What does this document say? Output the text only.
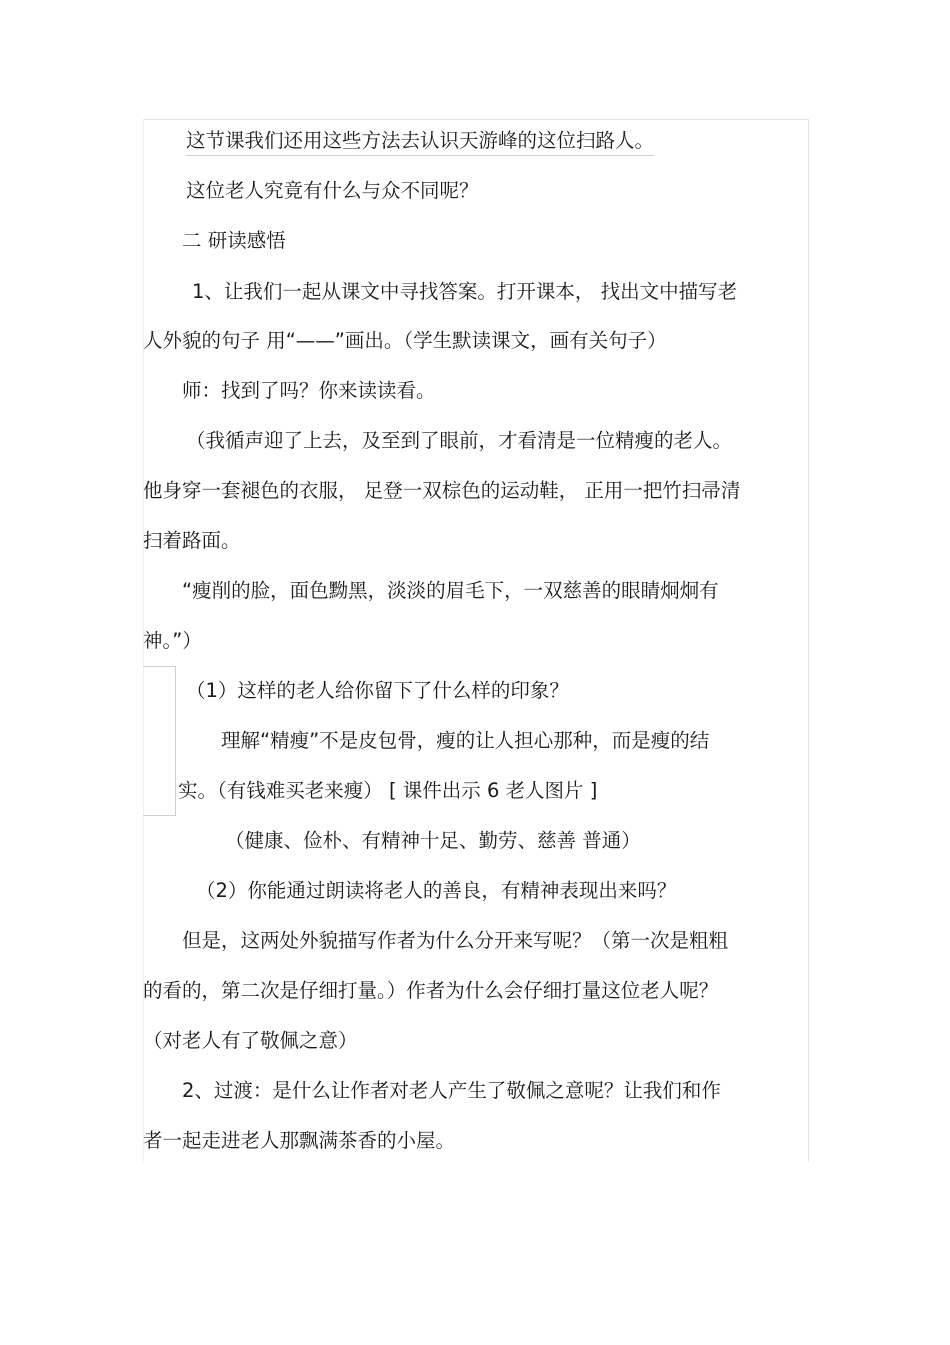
这节课我们还用这些方法去认识天游峰的这位扫路人。

这位老人究竟有什么与众不同呢？

二 研读感悟

1、让我们一起从课文中寻找答案。打开课本， 找出文中描写老

人外貌的句子 用“——”画出。（学生默读课文，画有关句子）

师：找到了吗？你来读读看。

（我循声迎了上去，及至到了眼前，才看清是一位精瘦的老人。

他身穿一套褪色的衣服， 足登一双棕色的运动鞋， 正用一把竹扫帚清

扫着路面。

“瘦削的脸，面色黝黑，淡淡的眉毛下，一双慈善的眼睛炯炯有

神。”）

（1）这样的老人给你留下了什么样的印象？

理解“精瘦”不是皮包骨，瘦的让人担心那种，而是瘦的结

实。（有钱难买老来瘦） [ 课件出示 6 老人图片 ]

（健康、俭朴、有精神十足、勤劳、慈善 普通）

（2）你能通过朗读将老人的善良，有精神表现出来吗？

但是，这两处外貌描写作者为什么分开来写呢？（第一次是粗粗

的看的，第二次是仔细打量。）作者为什么会仔细打量这位老人呢？

（对老人有了敬佩之意）

2、过渡：是什么让作者对老人产生了敬佩之意呢？让我们和作

者一起走进老人那飘满茶香的小屋。
